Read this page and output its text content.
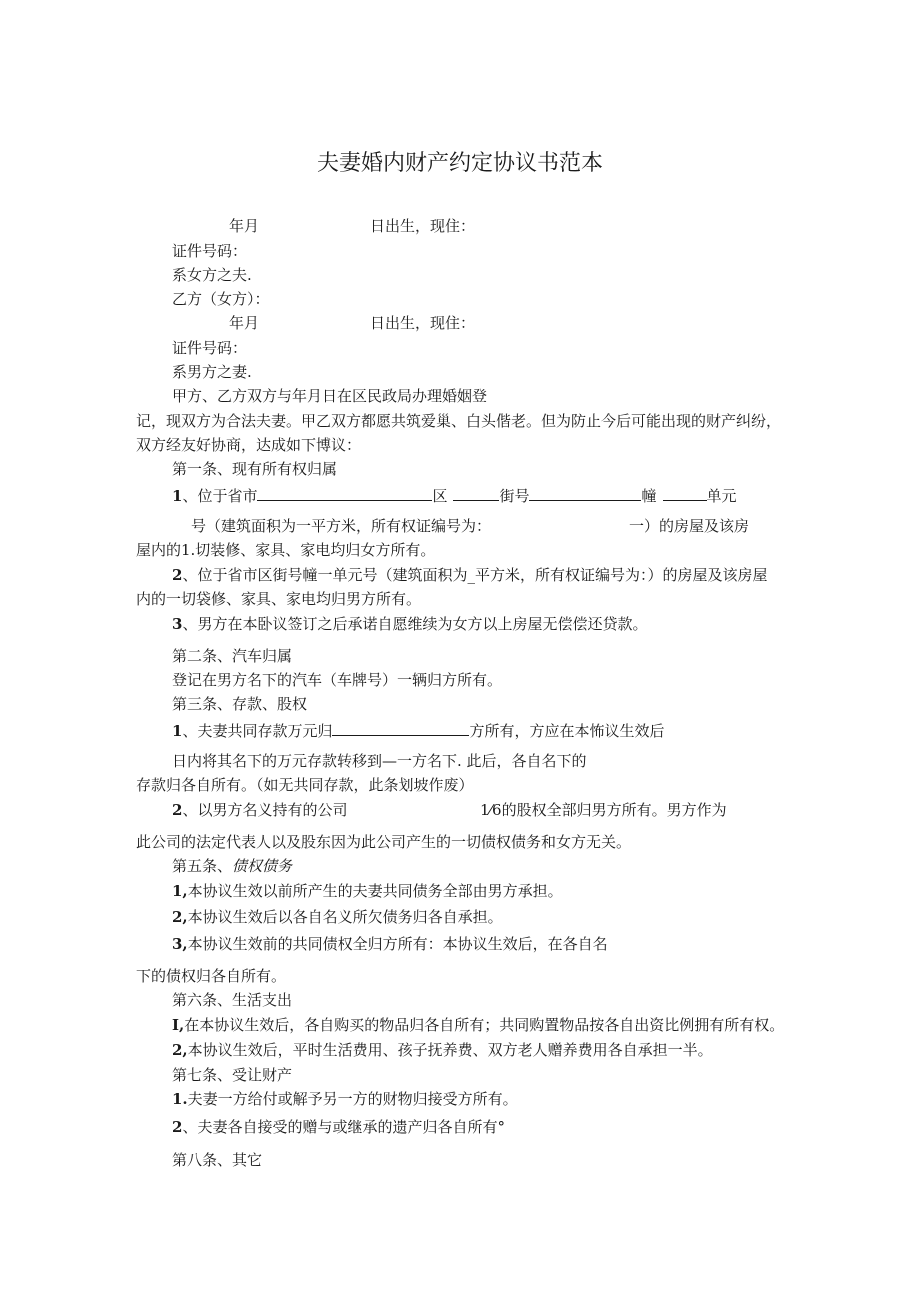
夫妻婚内财产约定协议书范本
年月	日出生，现住：
证件号码：
系女方之夫.
乙方（女方）：
年月	日出生，现住：
证件号码：
系男方之妻.
甲方、乙方双方与年月日在区民政局办理婚姻登
记，现双方为合法夫妻。甲乙双方都愿共筑爱巢、白头偕老。但为防止今后可能出现的财产纠纷，
双方经友好协商，达成如下博议：
第一条、现有所有权归属
1、位于省市	区	街号	幢	单元
号（建筑面积为一平方米，所有权证编号为：	一）的房屋及该房
屋内的1.切装修、家具、家电均归女方所有。
2、位于省市区街号幢一单元号（建筑面积为_平方米，所有权证编号为：）的房屋及该房屋
内的一切袋修、家具、家电均归男方所有。
3、男方在本卧议签订之后承诺自愿维续为女方以上房屋无偿偿还贷款。
第二条、汽车归属
登记在男方名下的汽车（车牌号）一辆归方所有。
第三条、存款、股权
1、夫妻共同存款万元归	方所有，方应在本怖议生效后
日内将其名下的万元存款转移到—一方名下. 此后，各自名下的
存款归各自所有。（如无共同存款，此条划坡作废）
2、以男方名义持有的公司	1⁄6的股权全部归男方所有。男方作为
此公司的法定代表人以及股东因为此公司产生的一切债权债务和女方无关。
第五条、债权债务
1,本协议生效以前所产生的夫妻共同债务全部由男方承担。
2,本协议生效后以各自名义所欠债务归各自承担。
3,本协议生效前的共同债权全归方所有：本协议生效后，在各自名
下的债权归各自所有。
第六条、生活支出
I,在本协议生效后，各自购买的物品归各自所有；共同购置物品按各自出资比例拥有所有权。
2,本协议生效后，平时生活费用、孩子抚养费、双方老人赠养费用各自承担一半。
第七条、受让财产
1.夫妻一方给付或解予另一方的财物归接受方所有。
2、夫妻各自接受的赠与或继承的遗产归各自所有°
第八条、其它
